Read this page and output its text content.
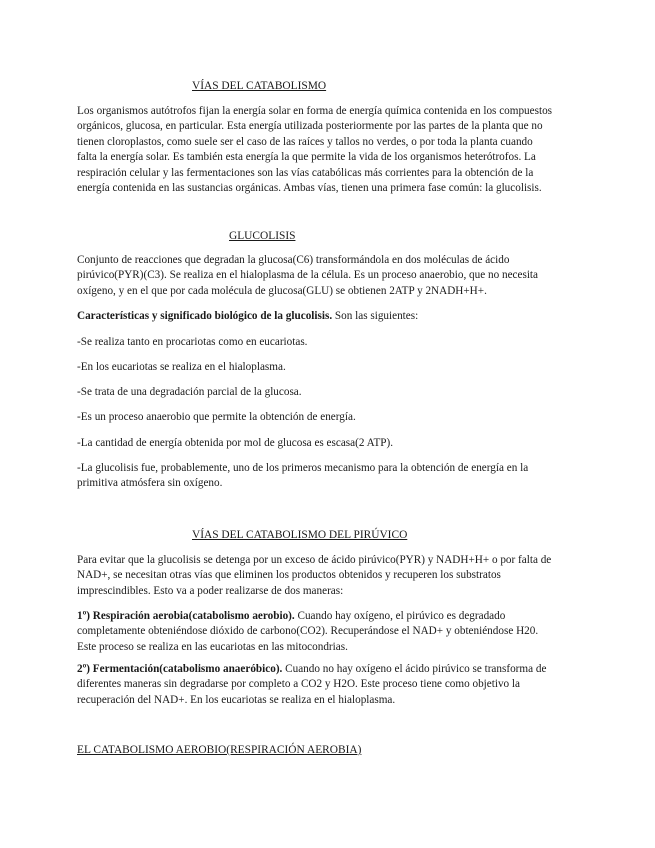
VÍAS DEL CATABOLISMO
Los organismos autótrofos fijan la energía solar en forma de energía química contenida en los compuestos
orgánicos, glucosa, en particular. Esta energía utilizada posteriormente por las partes de la planta que no
tienen cloroplastos, como suele ser el caso de las raíces y tallos no verdes, o por toda la planta cuando
falta la energía solar. Es también esta energía la que permite la vida de los organismos heterótrofos. La
respiración celular y las fermentaciones son las vías catabólicas más corrientes para la obtención de la
energía contenida en las sustancias orgánicas. Ambas vías, tienen una primera fase común: la glucolisis.
GLUCOLISIS
Conjunto de reacciones que degradan la glucosa(C6) transformándola en dos moléculas de ácido
pirúvico(PYR)(C3). Se realiza en el hialoplasma de la célula. Es un proceso anaerobio, que no necesita
oxígeno, y en el que por cada molécula de glucosa(GLU) se obtienen 2ATP y 2NADH+H+.
Características y significado biológico de la glucolisis. Son las siguientes:
-Se realiza tanto en procariotas como en eucariotas.
-En los eucariotas se realiza en el hialoplasma.
-Se trata de una degradación parcial de la glucosa.
-Es un proceso anaerobio que permite la obtención de energía.
-La cantidad de energía obtenida por mol de glucosa es escasa(2 ATP).
-La glucolisis fue, probablemente, uno de los primeros mecanismo para la obtención de energía en la
primitiva atmósfera sin oxígeno.
VÍAS DEL CATABOLISMO DEL PIRÚVICO
Para evitar que la glucolisis se detenga por un exceso de ácido pirúvico(PYR) y NADH+H+ o por falta de
NAD+, se necesitan otras vías que eliminen los productos obtenidos y recuperen los substratos
imprescindibles. Esto va a poder realizarse de dos maneras:
1º) Respiración aerobia(catabolismo aerobio). Cuando hay oxígeno, el pirúvico es degradado
completamente obteniéndose dióxido de carbono(CO2). Recuperándose el NAD+ y obteniéndose H20.
Este proceso se realiza en las eucariotas en las mitocondrias.
2º) Fermentación(catabolismo anaeróbico). Cuando no hay oxígeno el ácido pirúvico se transforma de
diferentes maneras sin degradarse por completo a CO2 y H2O. Este proceso tiene como objetivo la
recuperación del NAD+. En los eucariotas se realiza en el hialoplasma.
EL CATABOLISMO AEROBIO(RESPIRACIÓN AEROBIA)
